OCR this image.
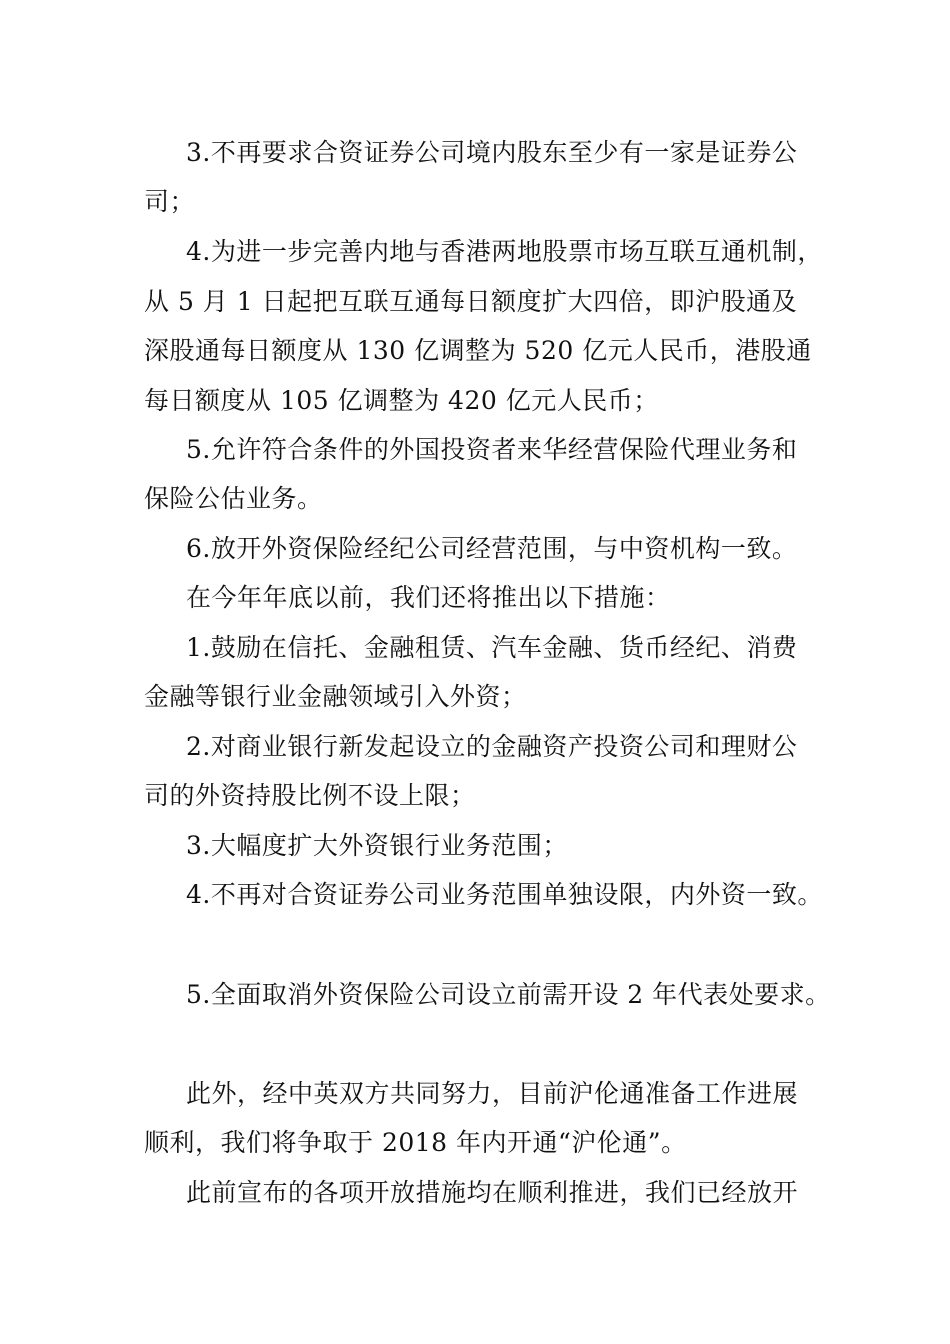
3.不再要求合资证券公司境内股东至少有一家是证券公
司；
4.为进一步完善内地与香港两地股票市场互联互通机制，
从 5 月 1 日起把互联互通每日额度扩大四倍，即沪股通及
深股通每日额度从 130 亿调整为 520 亿元人民币，港股通
每日额度从 105 亿调整为 420 亿元人民币；
5.允许符合条件的外国投资者来华经营保险代理业务和
保险公估业务。
6.放开外资保险经纪公司经营范围，与中资机构一致。
在今年年底以前，我们还将推出以下措施：
1.鼓励在信托、金融租赁、汽车金融、货币经纪、消费
金融等银行业金融领域引入外资；
2.对商业银行新发起设立的金融资产投资公司和理财公
司的外资持股比例不设上限；
3.大幅度扩大外资银行业务范围；
4.不再对合资证券公司业务范围单独设限，内外资一致。
5.全面取消外资保险公司设立前需开设 2 年代表处要求。
此外，经中英双方共同努力，目前沪伦通准备工作进展
顺利，我们将争取于 2018 年内开通“沪伦通”。
此前宣布的各项开放措施均在顺利推进，我们已经放开
